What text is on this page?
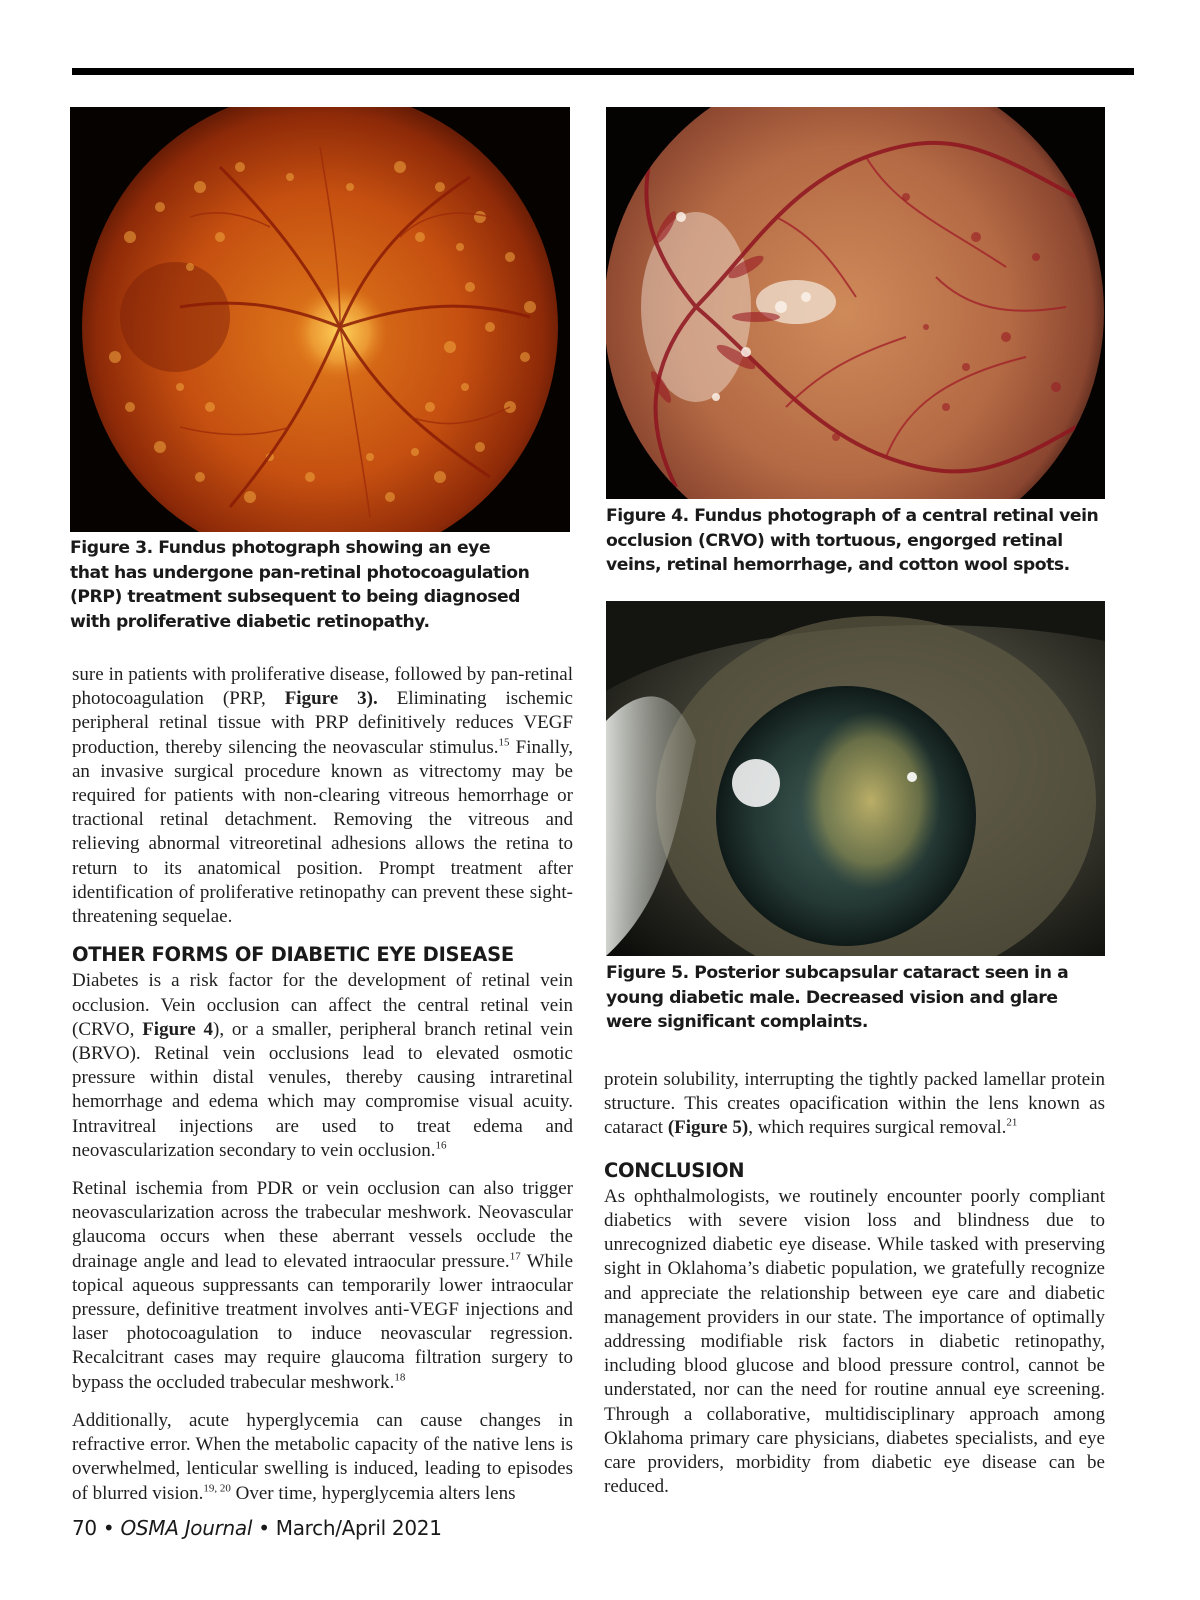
Figure 3. Fundus photograph showing an eye that has undergone pan-retinal photocoagulation (PRP) treatment subsequent to being diagnosed with proliferative diabetic retinopathy.

Figure 4. Fundus photograph of a central retinal vein occlusion (CRVO) with tortuous, engorged retinal veins, retinal hemorrhage, and cotton wool spots.

Figure 5. Posterior subcapsular cataract seen in a young diabetic male. Decreased vision and glare were significant complaints.

sure in patients with proliferative disease, followed by pan-retinal photocoagulation (PRP, Figure 3). Eliminating ischemic peripheral retinal tissue with PRP definitively reduces VEGF production, thereby silencing the neovascular stimulus.$^{15}$ Finally, an invasive surgical procedure known as vitrectomy may be required for patients with non-clearing vitreous hemorrhage or tractional retinal detachment. Removing the vitreous and relieving abnormal vitreoretinal adhesions allows the retina to return to its anatomical position. Prompt treatment after identification of proliferative retinopathy can prevent these sight-threatening sequelae.

OTHER FORMS OF DIABETIC EYE DISEASE

Diabetes is a risk factor for the development of retinal vein occlusion. Vein occlusion can affect the central retinal vein (CRVO, Figure 4), or a smaller, peripheral branch retinal vein (BRVO). Retinal vein occlusions lead to elevated osmotic pressure within distal venules, thereby causing intraretinal hemorrhage and edema which may compromise visual acuity. Intravitreal injections are used to treat edema and neovascularization secondary to vein occlusion.$^{16}$

Retinal ischemia from PDR or vein occlusion can also trigger neovascularization across the trabecular meshwork. Neovascular glaucoma occurs when these aberrant vessels occlude the drainage angle and lead to elevated intraocular pressure.$^{17}$ While topical aqueous suppressants can temporarily lower intraocular pressure, definitive treatment involves anti-VEGF injections and laser photocoagulation to induce neovascular regression. Recalcitrant cases may require glaucoma filtration surgery to bypass the occluded trabecular meshwork.$^{18}$

Additionally, acute hyperglycemia can cause changes in refractive error. When the metabolic capacity of the native lens is overwhelmed, lenticular swelling is induced, leading to episodes of blurred vision.$^{19, 20}$ Over time, hyperglycemia alters lens

protein solubility, interrupting the tightly packed lamellar protein structure. This creates opacification within the lens known as cataract (Figure 5), which requires surgical removal.$^{21}$

CONCLUSION

As ophthalmologists, we routinely encounter poorly compliant diabetics with severe vision loss and blindness due to unrecognized diabetic eye disease. While tasked with preserving sight in Oklahoma’s diabetic population, we gratefully recognize and appreciate the relationship between eye care and diabetic management providers in our state. The importance of optimally addressing modifiable risk factors in diabetic retinopathy, including blood glucose and blood pressure control, cannot be understated, nor can the need for routine annual eye screening. Through a collaborative, multidisciplinary approach among Oklahoma primary care physicians, diabetes specialists, and eye care providers, morbidity from diabetic eye disease can be reduced.

70 • OSMA Journal • March/April 2021
